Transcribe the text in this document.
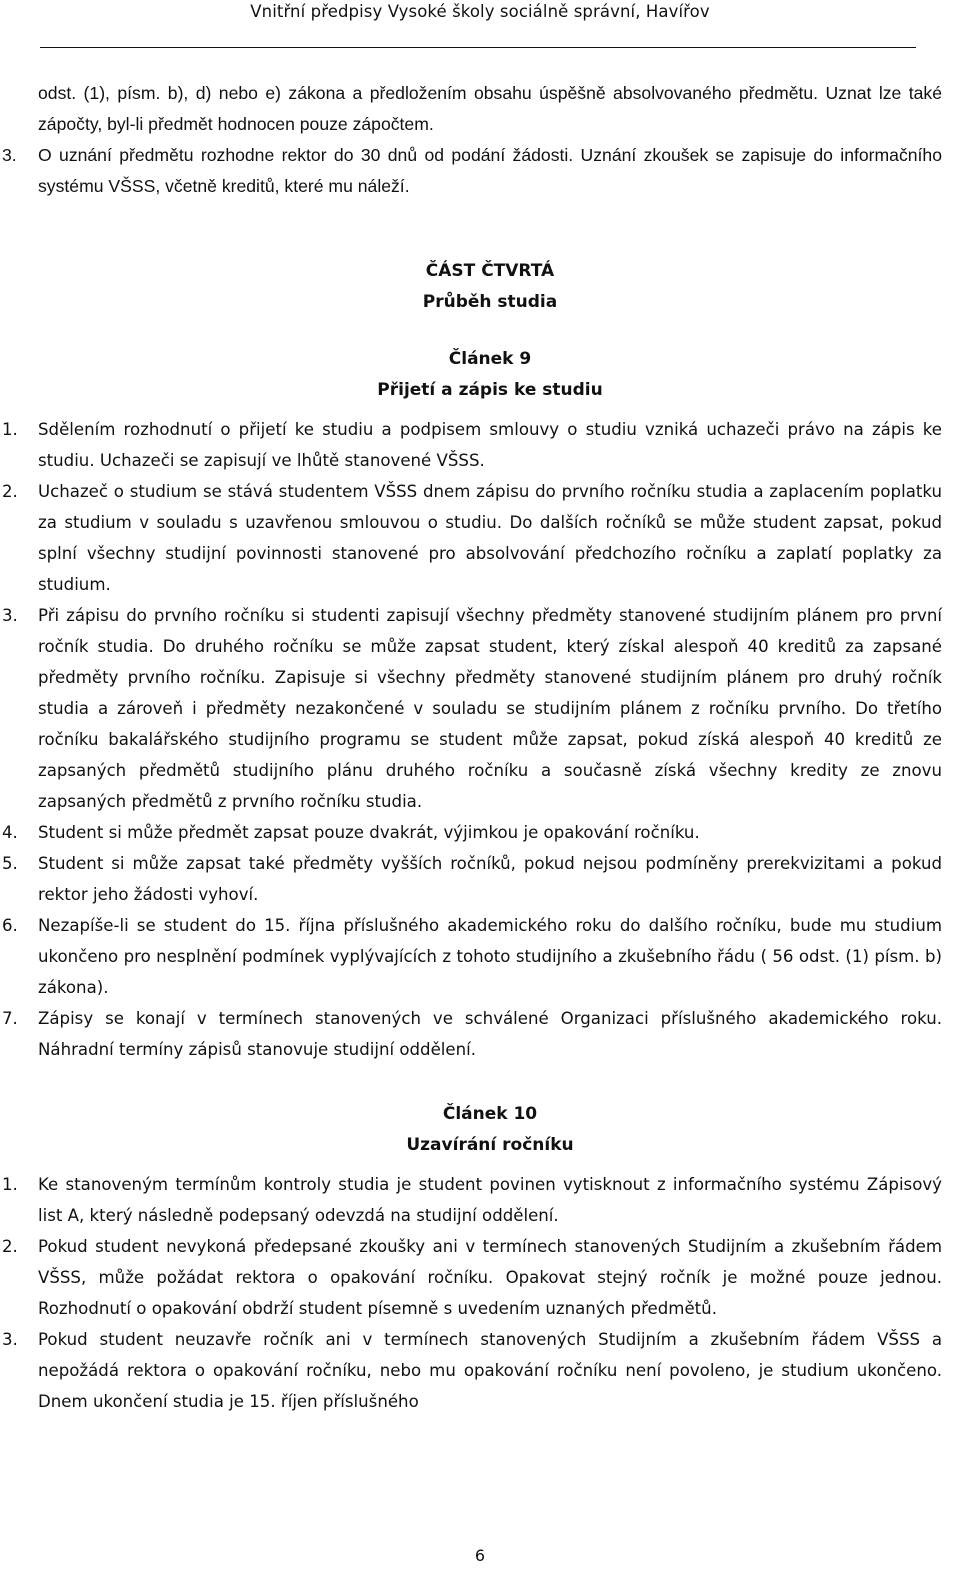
Vnitřní předpisy Vysoké školy sociálně správní, Havířov

odst. (1), písm. b), d) nebo e) zákona a předložením obsahu úspěšně absolvovaného předmětu. Uznat lze také zápočty, byl-li předmět hodnocen pouze zápočtem.

3. O uznání předmětu rozhodne rektor do 30 dnů od podání žádosti. Uznání zkoušek se zapisuje do informačního systému VŠSS, včetně kreditů, které mu náleží.

ČÁST ČTVRTÁ

Průběh studia

Článek 9

Přijetí a zápis ke studiu

1. Sdělením rozhodnutí o přijetí ke studiu a podpisem smlouvy o studiu vzniká uchazeči právo na zápis ke studiu. Uchazeči se zapisují ve lhůtě stanovené VŠSS.

2. Uchazeč o studium se stává studentem VŠSS dnem zápisu do prvního ročníku studia a zaplacením poplatku za studium v souladu s uzavřenou smlouvou o studiu. Do dalších ročníků se může student zapsat, pokud splní všechny studijní povinnosti stanovené pro absolvování předchozího ročníku a zaplatí poplatky za studium.

3. Při zápisu do prvního ročníku si studenti zapisují všechny předměty stanovené studijním plánem pro první ročník studia. Do druhého ročníku se může zapsat student, který získal alespoň 40 kreditů za zapsané předměty prvního ročníku. Zapisuje si všechny předměty stanovené studijním plánem pro druhý ročník studia a zároveň i předměty nezakončené v souladu se studijním plánem z ročníku prvního. Do třetího ročníku bakalářského studijního programu se student může zapsat, pokud získá alespoň 40 kreditů ze zapsaných předmětů studijního plánu druhého ročníku a současně získá všechny kredity ze znovu zapsaných předmětů z prvního ročníku studia.

4. Student si může předmět zapsat pouze dvakrát, výjimkou je opakování ročníku.

5. Student si může zapsat také předměty vyšších ročníků, pokud nejsou podmíněny prerekvizitami a pokud rektor jeho žádosti vyhoví.

6. Nezapíše-li se student do 15. října příslušného akademického roku do dalšího ročníku, bude mu studium ukončeno pro nesplnění podmínek vyplývajících z tohoto studijního a zkušebního řádu ( 56 odst. (1) písm. b) zákona).

7. Zápisy se konají v termínech stanovených ve schválené Organizaci příslušného akademického roku. Náhradní termíny zápisů stanovuje studijní oddělení.

Článek 10

Uzavírání ročníku

1. Ke stanoveným termínům kontroly studia je student povinen vytisknout z informačního systému Zápisový list A, který následně podepsaný odevzdá na studijní oddělení.

2. Pokud student nevykoná předepsané zkoušky ani v termínech stanovených Studijním a zkušebním řádem VŠSS, může požádat rektora o opakování ročníku. Opakovat stejný ročník je možné pouze jednou. Rozhodnutí o opakování obdrží student písemně s uvedením uznaných předmětů.

3. Pokud student neuzavře ročník ani v termínech stanovených Studijním a zkušebním řádem VŠSS a nepožádá rektora o opakování ročníku, nebo mu opakování ročníku není povoleno, je studium ukončeno. Dnem ukončení studia je 15. říjen příslušného

6
